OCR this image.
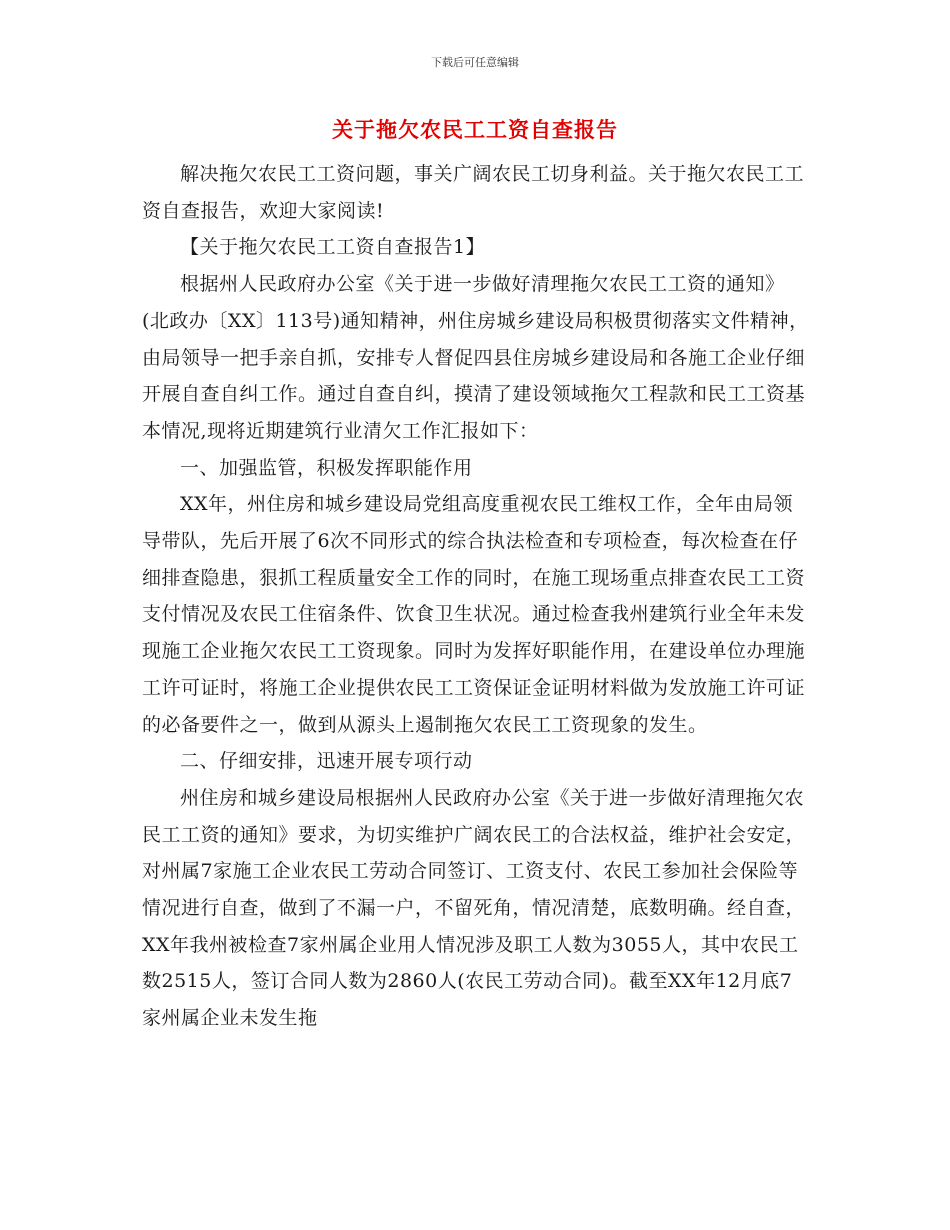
下载后可任意编辑
关于拖欠农民工工资自查报告

解决拖欠农民工工资问题，事关广阔农民工切身利益。关于拖欠农民工工资自查报告，欢迎大家阅读!

【关于拖欠农民工工资自查报告1】

根据州人民政府办公室《关于进一步做好清理拖欠农民工工资的通知》(北政办〔XX〕113号)通知精神，州住房城乡建设局积极贯彻落实文件精神，由局领导一把手亲自抓，安排专人督促四县住房城乡建设局和各施工企业仔细开展自查自纠工作。通过自查自纠，摸清了建设领域拖欠工程款和民工工资基本情况,现将近期建筑行业清欠工作汇报如下：

一、加强监管，积极发挥职能作用

XX年，州住房和城乡建设局党组高度重视农民工维权工作，全年由局领导带队，先后开展了6次不同形式的综合执法检查和专项检查，每次检查在仔细排查隐患，狠抓工程质量安全工作的同时，在施工现场重点排查农民工工资支付情况及农民工住宿条件、饮食卫生状况。通过检查我州建筑行业全年未发现施工企业拖欠农民工工资现象。同时为发挥好职能作用，在建设单位办理施工许可证时，将施工企业提供农民工工资保证金证明材料做为发放施工许可证的必备要件之一，做到从源头上遏制拖欠农民工工资现象的发生。

二、仔细安排，迅速开展专项行动

州住房和城乡建设局根据州人民政府办公室《关于进一步做好清理拖欠农民工工资的通知》要求，为切实维护广阔农民工的合法权益，维护社会安定，对州属7家施工企业农民工劳动合同签订、工资支付、农民工参加社会保险等情况进行自查，做到了不漏一户，不留死角，情况清楚，底数明确。经自查，XX年我州被检查7家州属企业用人情况涉及职工人数为3055人，其中农民工数2515人，签订合同人数为2860人(农民工劳动合同)。截至XX年12月底7家州属企业未发生拖
